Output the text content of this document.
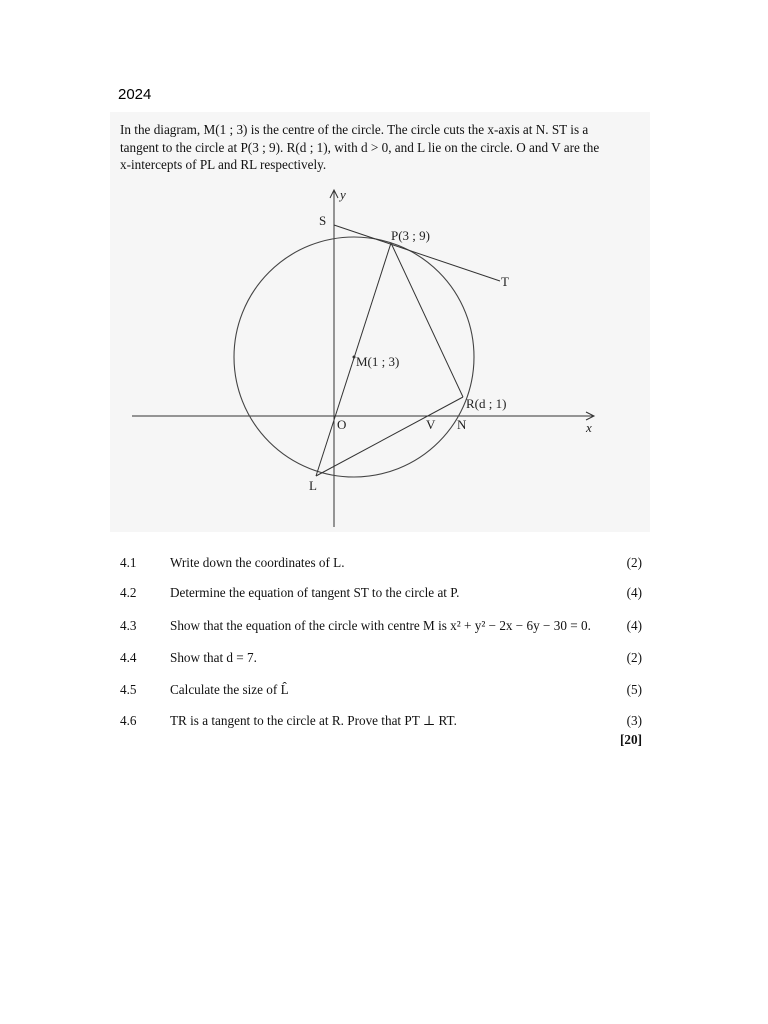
2024
In the diagram, M(1 ; 3) is the centre of the circle. The circle cuts the x-axis at N. ST is a
tangent to the circle at P(3 ; 9). R(d ; 1), with d > 0, and L lie on the circle. O and V are the
x-intercepts of PL and RL respectively.
y
x
S
P(3 ; 9)
T
M(1 ; 3)
R(d ; 1)
O	V N
L
4.1	Write down the coordinates of L.	(2)
4.2	Determine the equation of tangent ST to the circle at P.	(4)
4.3	Show that the equation of the circle with centre M is x² + y² − 2x − 6y − 30 = 0.	(4)
4.4	Show that d = 7.	(2)
4.5	Calculate the size of L̂	(5)
4.6	TR is a tangent to the circle at R. Prove that PT ⊥ RT.	(3)
[20]
